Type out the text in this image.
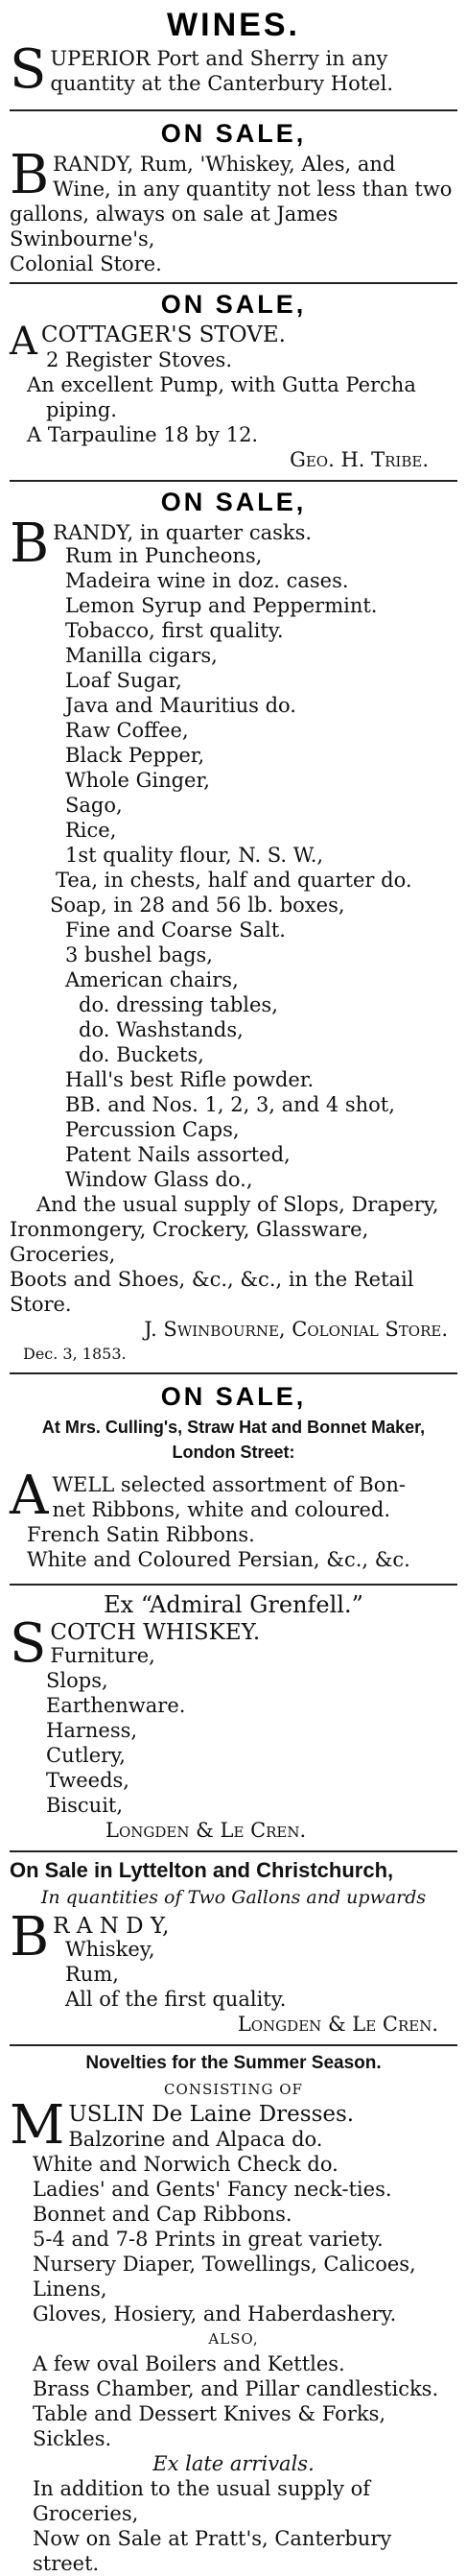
WINES.
S UPERIOR Port and Sherry in any
quantity at the Canterbury Hotel.
ON SALE,
B RANDY, Rum, 'Whiskey, Ales, and
Wine, in any quantity not less than two
gallons, always on sale at James Swinbourne's,
Colonial Store.
ON SALE,
A COTTAGER'S STOVE.
2 Register Stoves.
An excellent Pump, with Gutta Percha
piping.
A Tarpauline 18 by 12.
Geo. H. Tribe.
ON SALE,
B RANDY, in quarter casks.
Rum in Puncheons,
Madeira wine in doz. cases.
Lemon Syrup and Peppermint.
Tobacco, first quality.
Manilla cigars,
Loaf Sugar,
Java and Mauritius do.
Raw Coffee,
Black Pepper,
Whole Ginger,
Sago,
Rice,
1st quality flour, N. S. W.,
Tea, in chests, half and quarter do.
Soap, in 28 and 56 lb. boxes,
Fine and Coarse Salt.
3 bushel bags,
American chairs,
do. dressing tables,
do. Washstands,
do. Buckets,
Hall's best Rifle powder.
BB. and Nos. 1, 2, 3, and 4 shot,
Percussion Caps,
Patent Nails assorted,
Window Glass do.,
And the usual supply of Slops, Drapery,
Ironmongery, Crockery, Glassware, Groceries,
Boots and Shoes, &c., &c., in the Retail Store.
J. Swinbourne, Colonial Store.
Dec. 3, 1853.
ON SALE,
At Mrs. Culling's, Straw Hat and Bonnet Maker,
London Street:
A WELL selected assortment of Bon-
net Ribbons, white and coloured.
French Satin Ribbons.
White and Coloured Persian, &c., &c.
Ex “Admiral Grenfell.”
S COTCH WHISKEY.
Furniture,
Slops,
Earthenware.
Harness,
Cutlery,
Tweeds,
Biscuit,
Longden & Le Cren.
On Sale in Lyttelton and Christchurch,
In quantities of Two Gallons and upwards
B R A N D Y,
Whiskey,
Rum,
All of the first quality.
Longden & Le Cren.
Novelties for the Summer Season.
CONSISTING OF
M USLIN De Laine Dresses.
Balzorine and Alpaca do.
White and Norwich Check do.
Ladies' and Gents' Fancy neck-ties.
Bonnet and Cap Ribbons.
5-4 and 7-8 Prints in great variety.
Nursery Diaper, Towellings, Calicoes, Linens,
Gloves, Hosiery, and Haberdashery.
ALSO,
A few oval Boilers and Kettles.
Brass Chamber, and Pillar candlesticks.
Table and Dessert Knives & Forks, Sickles.
Ex late arrivals.
In addition to the usual supply of Groceries,
Now on Sale at Pratt's, Canterbury street.
